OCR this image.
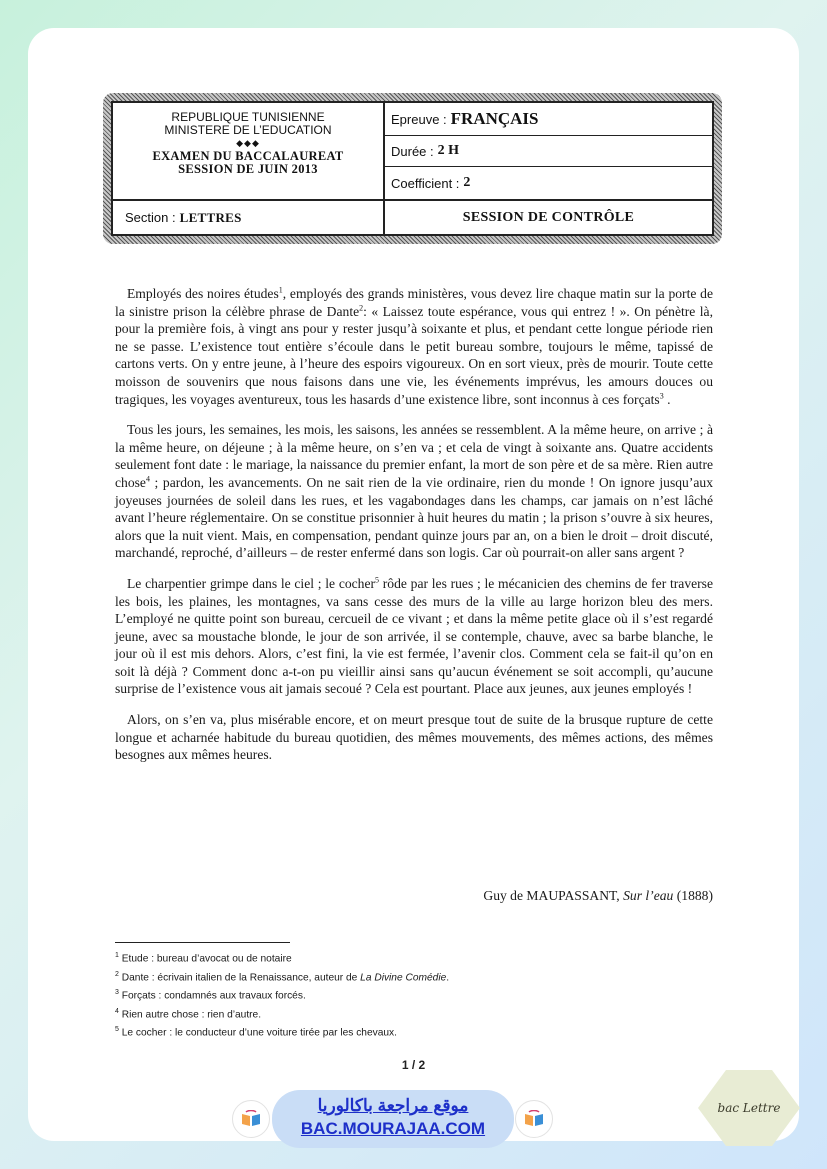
REPUBLIQUE TUNISIENNE
MINISTERE DE L’EDUCATION
◆◆◆
EXAMEN DU BACCALAUREAT
SESSION DE JUIN 2013
Epreuve : FRANÇAIS
Durée : 2 H
Coefficient : 2
Section : LETTRES	SESSION DE CONTRÔLE

Employés des noires études$^1$, employés des grands ministères, vous devez lire chaque matin sur la porte de la sinistre prison la célèbre phrase de Dante$^2$: « Laissez toute espérance, vous qui entrez ! ». On pénètre là, pour la première fois, à vingt ans pour y rester jusqu’à soixante et plus, et pendant cette longue période rien ne se passe. L’existence tout entière s’écoule dans le petit bureau sombre, toujours le même, tapissé de cartons verts. On y entre jeune, à l’heure des espoirs vigoureux. On en sort vieux, près de mourir. Toute cette moisson de souvenirs que nous faisons dans une vie, les événements imprévus, les amours douces ou tragiques, les voyages aventureux, tous les hasards d’une existence libre, sont inconnus à ces forçats$^3$ .

Tous les jours, les semaines, les mois, les saisons, les années se ressemblent. A la même heure, on arrive ; à la même heure, on déjeune ; à la même heure, on s’en va ; et cela de vingt à soixante ans. Quatre accidents seulement font date : le mariage, la naissance du premier enfant, la mort de son père et de sa mère. Rien autre chose$^4$ ; pardon, les avancements. On ne sait rien de la vie ordinaire, rien du monde ! On ignore jusqu’aux joyeuses journées de soleil dans les rues, et les vagabondages dans les champs, car jamais on n’est lâché avant l’heure réglementaire. On se constitue prisonnier à huit heures du matin ; la prison s’ouvre à six heures, alors que la nuit vient. Mais, en compensation, pendant quinze jours par an, on a bien le droit – droit discuté, marchandé, reproché, d’ailleurs – de rester enfermé dans son logis. Car où pourrait-on aller sans argent ?

Le charpentier grimpe dans le ciel ; le cocher$^5$ rôde par les rues ; le mécanicien des chemins de fer traverse les bois, les plaines, les montagnes, va sans cesse des murs de la ville au large horizon bleu des mers. L’employé ne quitte point son bureau, cercueil de ce vivant ; et dans la même petite glace où il s’est regardé jeune, avec sa moustache blonde, le jour de son arrivée, il se contemple, chauve, avec sa barbe blanche, le jour où il est mis dehors. Alors, c’est fini, la vie est fermée, l’avenir clos. Comment cela se fait-il qu’on en soit là déjà ? Comment donc a-t-on pu vieillir ainsi sans qu’aucun événement se soit accompli, qu’aucune surprise de l’existence vous ait jamais secoué ? Cela est pourtant. Place aux jeunes, aux jeunes employés !

Alors, on s’en va, plus misérable encore, et on meurt presque tout de suite de la brusque rupture de cette longue et acharnée habitude du bureau quotidien, des mêmes mouvements, des mêmes actions, des mêmes besognes aux mêmes heures.

Guy de MAUPASSANT, Sur l’eau (1888)
$^1$ Etude : bureau d’avocat ou de notaire
$^2$ Dante : écrivain italien de la Renaissance, auteur de La Divine Comédie.
$^3$ Forçats : condamnés aux travaux forcés.
$^4$ Rien autre chose : rien d’autre.
$^5$ Le cocher : le conducteur d’une voiture tirée par les chevaux.
1 / 2
موقع مراجعة باكالوريا
BAC.MOURAJAA.COM
bac Lettre
